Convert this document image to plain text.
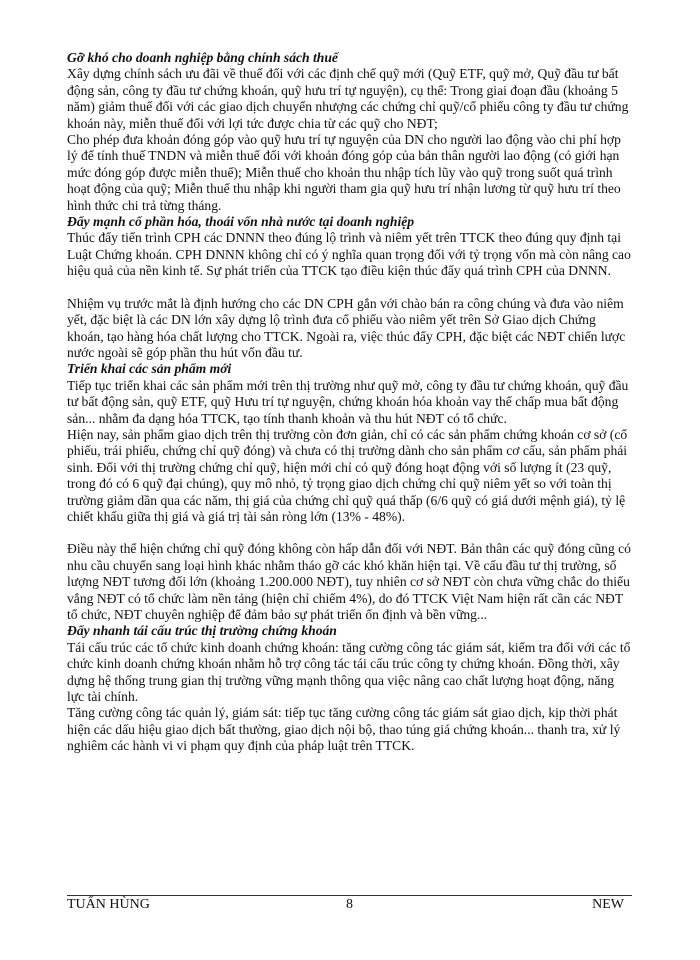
Gỡ khó cho doanh nghiệp bằng chính sách thuế

Xây dựng chính sách ưu đãi về thuế đối với các định chế quỹ mới (Quỹ ETF, quỹ mở, Quỹ đầu tư bất động sản, công ty đầu tư chứng khoán, quỹ hưu trí tự nguyện), cụ thể: Trong giai đoạn đầu (khoảng 5 năm) giảm thuế đối với các giao dịch chuyển nhượng các chứng chỉ quỹ/cổ phiếu công ty đầu tư chứng khoán này, miễn thuế đối với lợi tức được chia từ các quỹ cho NĐT;

Cho phép đưa khoản đóng góp vào quỹ hưu trí tự nguyện của DN cho người lao động vào chi phí hợp lý để tính thuế TNDN và miễn thuế đối với khoản đóng góp của bản thân người lao động (có giới hạn mức đóng góp được miễn thuế); Miễn thuế cho khoản thu nhập tích lũy vào quỹ trong suốt quá trình hoạt động của quỹ; Miễn thuế thu nhập khi người tham gia quỹ hưu trí nhận lương từ quỹ hưu trí theo hình thức chi trả từng tháng.

Đẩy mạnh cổ phần hóa, thoái vốn nhà nước tại doanh nghiệp

Thúc đẩy tiến trình CPH các DNNN theo đúng lộ trình và niêm yết trên TTCK theo đúng quy định tại Luật Chứng khoán. CPH DNNN không chỉ có ý nghĩa quan trọng đối với tỷ trọng vốn mà còn nâng cao hiệu quả của nền kinh tế. Sự phát triển của TTCK tạo điều kiện thúc đẩy quá trình CPH của DNNN.

Nhiệm vụ trước mắt là định hướng cho các DN CPH gắn với chào bán ra công chúng và đưa vào niêm yết, đặc biệt là các DN lớn xây dựng lộ trình đưa cổ phiếu vào niêm yết trên Sở Giao dịch Chứng khoán, tạo hàng hóa chất lượng cho TTCK. Ngoài ra, việc thúc đẩy CPH, đặc biệt các NĐT chiến lược nước ngoài sẽ góp phần thu hút vốn đầu tư.

Triển khai các sản phẩm mới

Tiếp tục triển khai các sản phẩm mới trên thị trường như quỹ mở, công ty đầu tư chứng khoán, quỹ đầu tư bất động sản, quỹ ETF, quỹ Hưu trí tự nguyện, chứng khoán hóa khoản vay thế chấp mua bất động sản... nhằm đa dạng hóa TTCK, tạo tính thanh khoản và thu hút NĐT có tổ chức.

Hiện nay, sản phẩm giao dịch trên thị trường còn đơn giản, chỉ có các sản phẩm chứng khoán cơ sở (cổ phiếu, trái phiếu, chứng chỉ quỹ đóng) và chưa có thị trường dành cho sản phẩm cơ cấu, sản phẩm phái sinh. Đối với thị trường chứng chỉ quỹ, hiện mới chỉ có quỹ đóng hoạt động với số lượng ít (23 quỹ, trong đó có 6 quỹ đại chúng), quy mô nhỏ, tỷ trọng giao dịch chứng chỉ quỹ niêm yết so với toàn thị trường giảm dần qua các năm, thị giá của chứng chỉ quỹ quá thấp (6/6 quỹ có giá dưới mệnh giá), tỷ lệ chiết khấu giữa thị giá và giá trị tài sản ròng lớn (13% - 48%).

Điều này thể hiện chứng chỉ quỹ đóng không còn hấp dẫn đối với NĐT. Bản thân các quỹ đóng cũng có nhu cầu chuyển sang loại hình khác nhằm tháo gỡ các khó khăn hiện tại. Về cấu đầu tư thị trường, số lượng NĐT tương đối lớn (khoảng 1.200.000 NĐT), tuy nhiên cơ sở NĐT còn chưa vững chắc do thiếu vắng NĐT có tổ chức làm nền tảng (hiện chỉ chiếm 4%), do đó TTCK Việt Nam hiện rất cần các NĐT tổ chức, NĐT chuyên nghiệp để đảm bảo sự phát triển ổn định và bền vững...

Đẩy nhanh tái cấu trúc thị trường chứng khoán

Tái cấu trúc các tổ chức kinh doanh chứng khoán: tăng cường công tác giám sát, kiểm tra đối với các tổ chức kinh doanh chứng khoán nhằm hỗ trợ công tác tái cấu trúc công ty chứng khoán. Đồng thời, xây dựng hệ thống trung gian thị trường vững mạnh thông qua việc nâng cao chất lượng hoạt động, năng lực tài chính.

Tăng cường công tác quản lý, giám sát: tiếp tục tăng cường công tác giám sát giao dịch, kịp thời phát hiện các dấu hiệu giao dịch bất thường, giao dịch nội bộ, thao túng giá chứng khoán... thanh tra, xử lý nghiêm các hành vi vi phạm quy định của pháp luật trên TTCK.

TUẤN HÙNG	8	NEW
